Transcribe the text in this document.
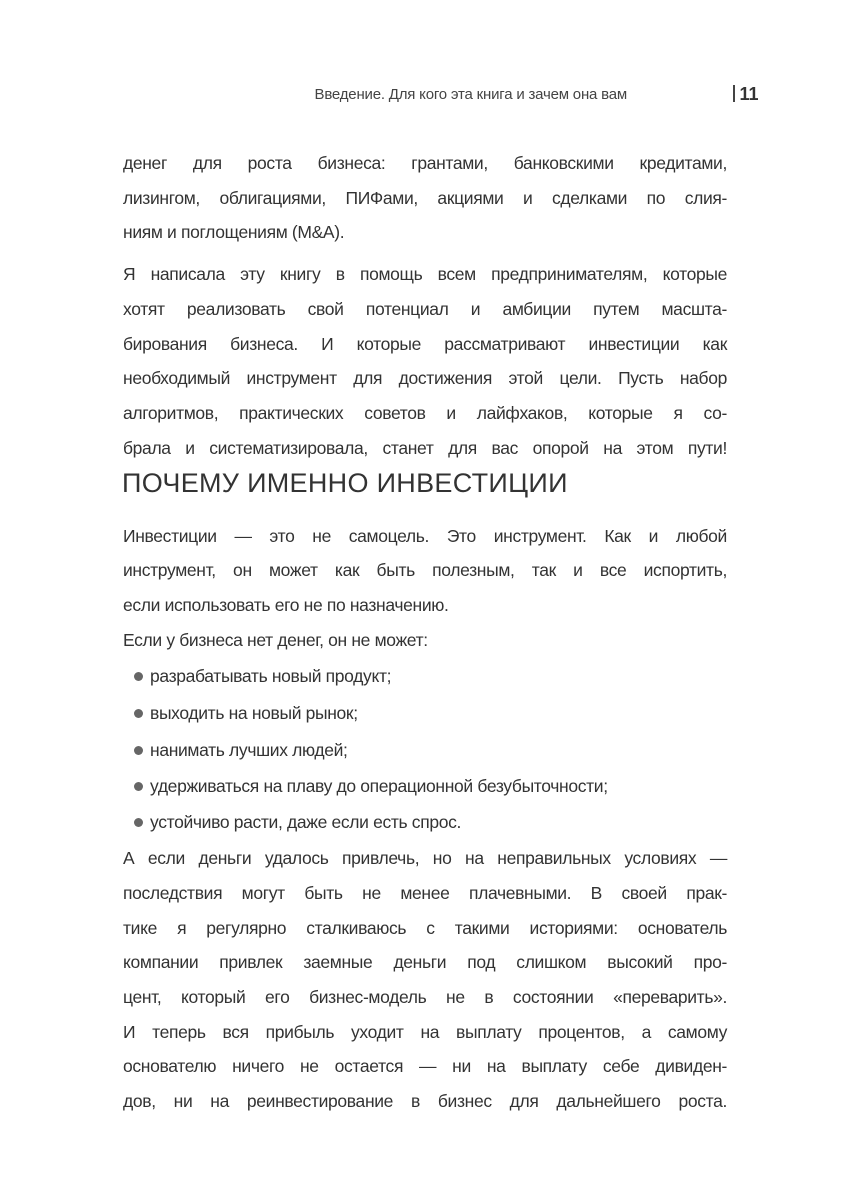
Введение. Для кого эта книга и зачем она вам	11
денег для роста бизнеса: грантами, банковскими кредитами,
лизингом, облигациями, ПИФами, акциями и сделками по слия-
ниям и поглощениям (M&A).
Я написала эту книгу в помощь всем предпринимателям, которые
хотят реализовать свой потенциал и амбиции путем масшта-
бирования бизнеса. И которые рассматривают инвестиции как
необходимый инструмент для достижения этой цели. Пусть набор
алгоритмов, практических советов и лайфхаков, которые я со-
брала и систематизировала, станет для вас опорой на этом пути!
ПОЧЕМУ ИМЕННО ИНВЕСТИЦИИ
Инвестиции — это не самоцель. Это инструмент. Как и любой
инструмент, он может как быть полезным, так и все испортить,
если использовать его не по назначению.
Если у бизнеса нет денег, он не может:
разрабатывать новый продукт;
выходить на новый рынок;
нанимать лучших людей;
удерживаться на плаву до операционной безубыточности;
устойчиво расти, даже если есть спрос.
А если деньги удалось привлечь, но на неправильных условиях —
последствия могут быть не менее плачевными. В своей прак-
тике я регулярно сталкиваюсь с такими историями: основатель
компании привлек заемные деньги под слишком высокий про-
цент, который его бизнес-модель не в состоянии «переварить».
И теперь вся прибыль уходит на выплату процентов, а самому
основателю ничего не остается — ни на выплату себе дивиден-
дов, ни на реинвестирование в бизнес для дальнейшего роста.
